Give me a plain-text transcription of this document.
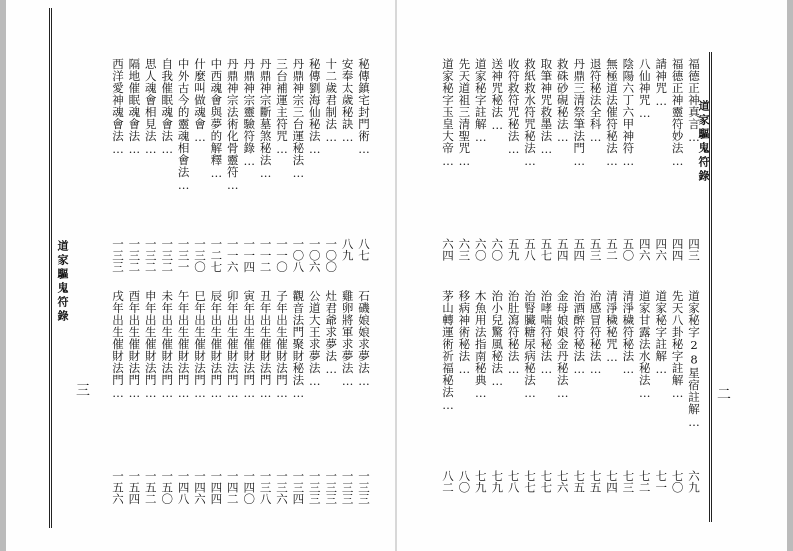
道家驅鬼符錄
三
秘傳鎮宅封門術…
八七
安奉太歲秘訣…
八九
十二歲君制法…
一〇〇
秘傳劉海仙秘法…
一〇六
丹鼎神宗三台運秘法…
一〇八
三台補運主符咒…
一一〇
丹鼎神宗斷墓煞秘法…
一一二
丹鼎神宗靈驗符錄…
一一四
丹鼎神宗法術化骨靈符…
一一六
中西魂會與夢的解釋…
一二七
什麼叫做魂會…
一三〇
中外古今的靈魂相會法…
一三一
自我催眠魂會法…
一三二
思人魂會相見法…
一三二
隔地催眠魂會法…
一三二
西洋愛神魂會法…
一三三
石磯娘娘求夢法…
一三三
雞卵將軍求夢法…
一三三
灶君爺求夢法…
一三三
公道大王求夢法…
一三三
觀音法門聚財秘法…
一三四
子年出生催財法門…
一三六
丑年出生催財法門…
一三八
寅年出生催財法門…
一四〇
卯年出生催財法門…
一四二
辰年出生催財法門…
一四四
巳年出生催財法門…
一四六
午年出生催財法門…
一四八
未年出生催財法門…
一五〇
申年出生催財法門…
一五二
酉年出生催財法門…
一五四
戌年出生催財法門…
一五六
道家驅鬼符錄
二
福德正神真言…
四三
福德正神靈符妙法…
四四
請神咒…
四六
八仙神咒…
四六
陰陽六丁六甲神符…
五〇
無極道法催符秘法…
五二
退符秘法全科…
五三
丹鼎三清祭筆法門…
五四
救硃砂硯秘法…
五四
取筆神咒救墨法…
五七
救紙救水符咒秘法…
五八
收符救符咒秘法…
五九
送神咒秘法…
六〇
道家秘字註解…
六〇
先天道祖三清聖咒…
六三
道家秘字玉皇大帝…
六四
道家秘字28星宿註解…
六九
先天八卦秘字註解…
七〇
道家秘字註解…
七一
道家甘露法水秘法…
七二
清淨穢符秘法…
七三
清淨穢秘咒…
七四
治感冒符秘法…
七五
治酒醉符秘法…
七五
金母娘娘金丹秘法…
七六
治哮喘符秘法…
七七
治腎臟糖尿病秘法…
七七
治肚瀉符秘法…
七八
治小兒驚風秘法…
七九
木魚用法指南秘典…
七九
移病神術秘法…
八〇
茅山轉運術祈福秘法…
八二
